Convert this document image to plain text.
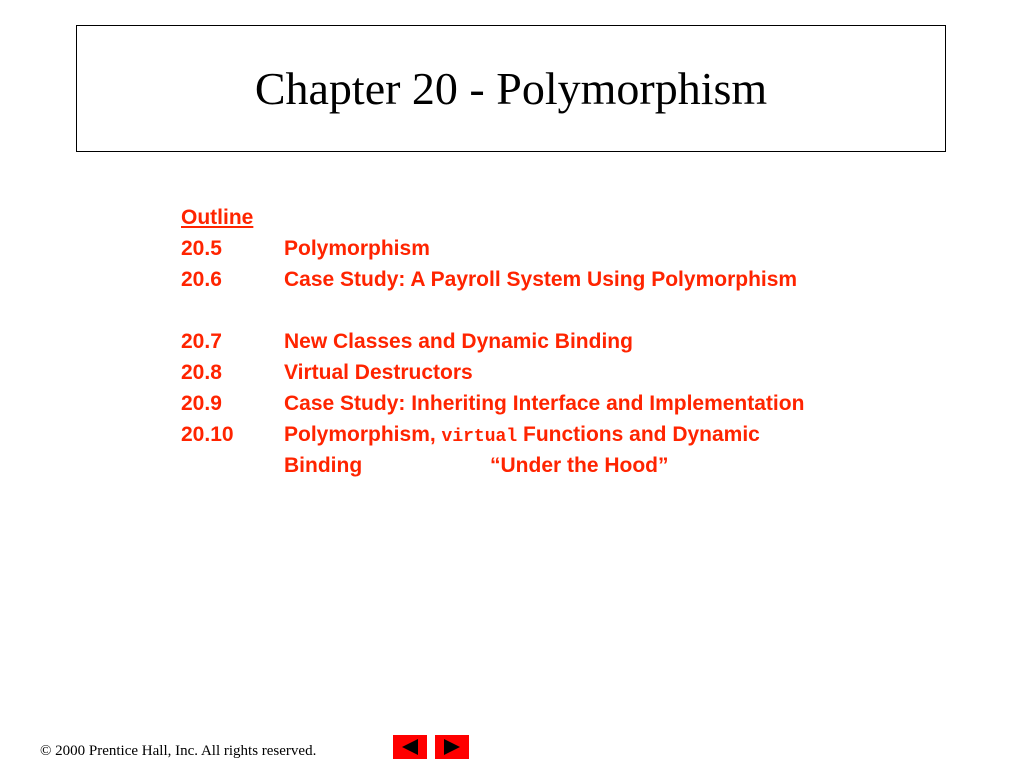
Chapter 20 - Polymorphism
Outline
20.5	Polymorphism
20.6	Case Study: A Payroll System Using Polymorphism
20.7	New Classes and Dynamic Binding
20.8	Virtual Destructors
20.9	Case Study: Inheriting Interface and Implementation
20.10 Polymorphism, virtual Functions and Dynamic
Binding	“Under the Hood”
© 2000 Prentice Hall, Inc. All rights reserved.
